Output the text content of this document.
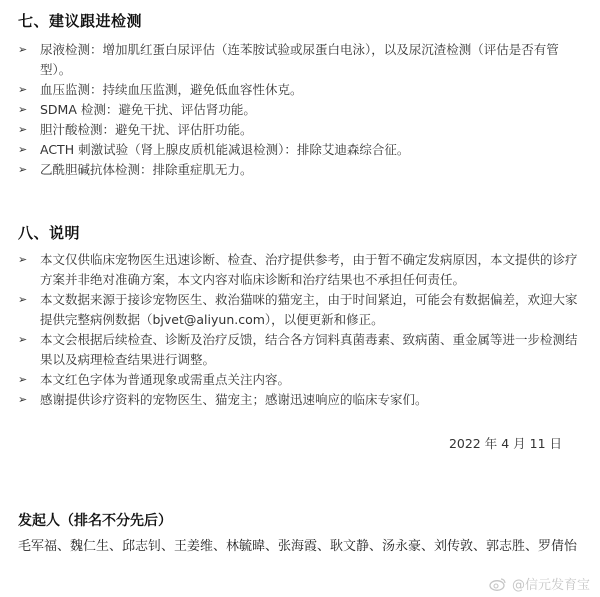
七、建议跟进检测
➢ 尿液检测：增加肌红蛋白尿评估（连苯胺试验或尿蛋白电泳），以及尿沉渣检测（评估是否有管型）。
➢ 血压监测：持续血压监测，避免低血容性休克。
➢ SDMA 检测：避免干扰、评估肾功能。
➢ 胆汁酸检测：避免干扰、评估肝功能。
➢ ACTH 刺激试验（肾上腺皮质机能减退检测）：排除艾迪森综合征。
➢ 乙酰胆碱抗体检测：排除重症肌无力。
八、说明
➢ 本文仅供临床宠物医生迅速诊断、检查、治疗提供参考，由于暂不确定发病原因，本文提供的诊疗方案并非绝对准确方案，本文内容对临床诊断和治疗结果也不承担任何责任。
➢ 本文数据来源于接诊宠物医生、救治猫咪的猫宠主，由于时间紧迫，可能会有数据偏差，欢迎大家提供完整病例数据（bjvet@aliyun.com），以便更新和修正。
➢ 本文会根据后续检查、诊断及治疗反馈，结合各方饲料真菌毒素、致病菌、重金属等进一步检测结果以及病理检查结果进行调整。
➢ 本文红色字体为普通现象或需重点关注内容。
➢ 感谢提供诊疗资料的宠物医生、猫宠主；感谢迅速响应的临床专家们。
2022 年 4 月 11 日
发起人（排名不分先后）
毛军福、魏仁生、邱志钊、王姜维、林毓暐、张海霞、耿文静、汤永豪、刘传敦、郭志胜、罗倩怡
@信元发育宝
